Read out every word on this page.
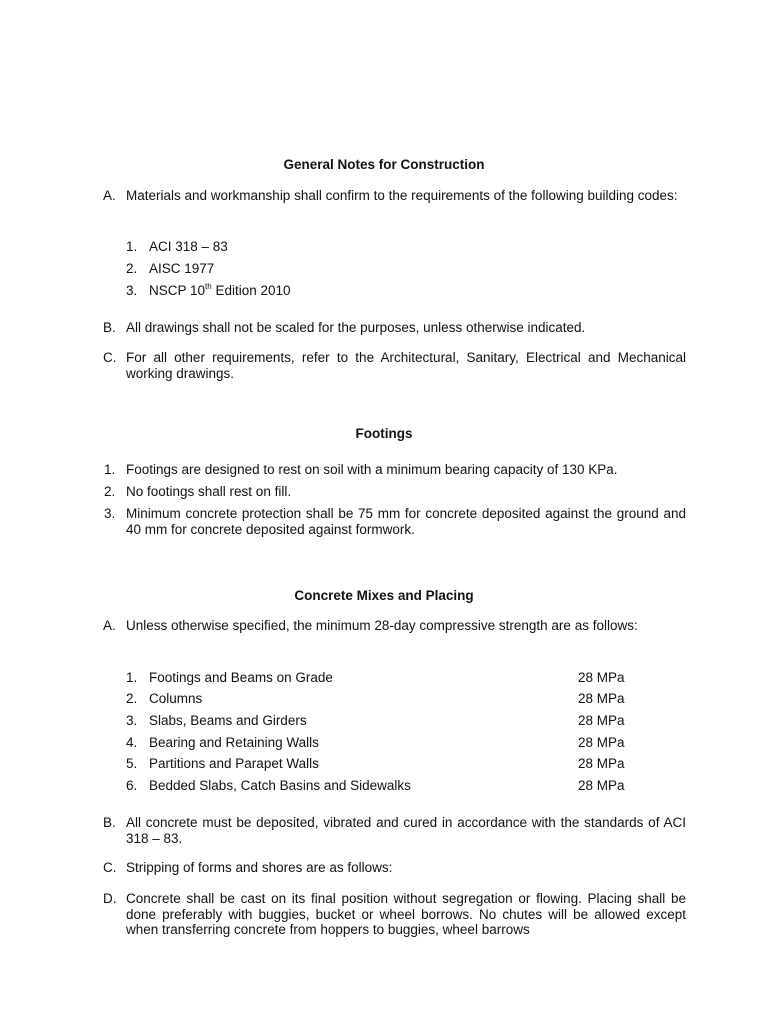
General Notes for Construction
A. Materials and workmanship shall confirm to the requirements of the following building codes:
1. ACI 318 – 83
2. AISC 1977
3. NSCP 10th Edition 2010
B. All drawings shall not be scaled for the purposes, unless otherwise indicated.
C. For all other requirements, refer to the Architectural, Sanitary, Electrical and Mechanical working drawings.
Footings
1. Footings are designed to rest on soil with a minimum bearing capacity of 130 KPa.
2. No footings shall rest on fill.
3. Minimum concrete protection shall be 75 mm for concrete deposited against the ground and 40 mm for concrete deposited against formwork.
Concrete Mixes and Placing
A. Unless otherwise specified, the minimum 28-day compressive strength are as follows:
1. Footings and Beams on Grade	28 MPa
2. Columns	28 MPa
3. Slabs, Beams and Girders	28 MPa
4. Bearing and Retaining Walls	28 MPa
5. Partitions and Parapet Walls	28 MPa
6. Bedded Slabs, Catch Basins and Sidewalks	28 MPa
B. All concrete must be deposited, vibrated and cured in accordance with the standards of ACI 318 – 83.
C. Stripping of forms and shores are as follows:
D. Concrete shall be cast on its final position without segregation or flowing. Placing shall be done preferably with buggies, bucket or wheel borrows. No chutes will be allowed except when transferring concrete from hoppers to buggies, wheel barrows
